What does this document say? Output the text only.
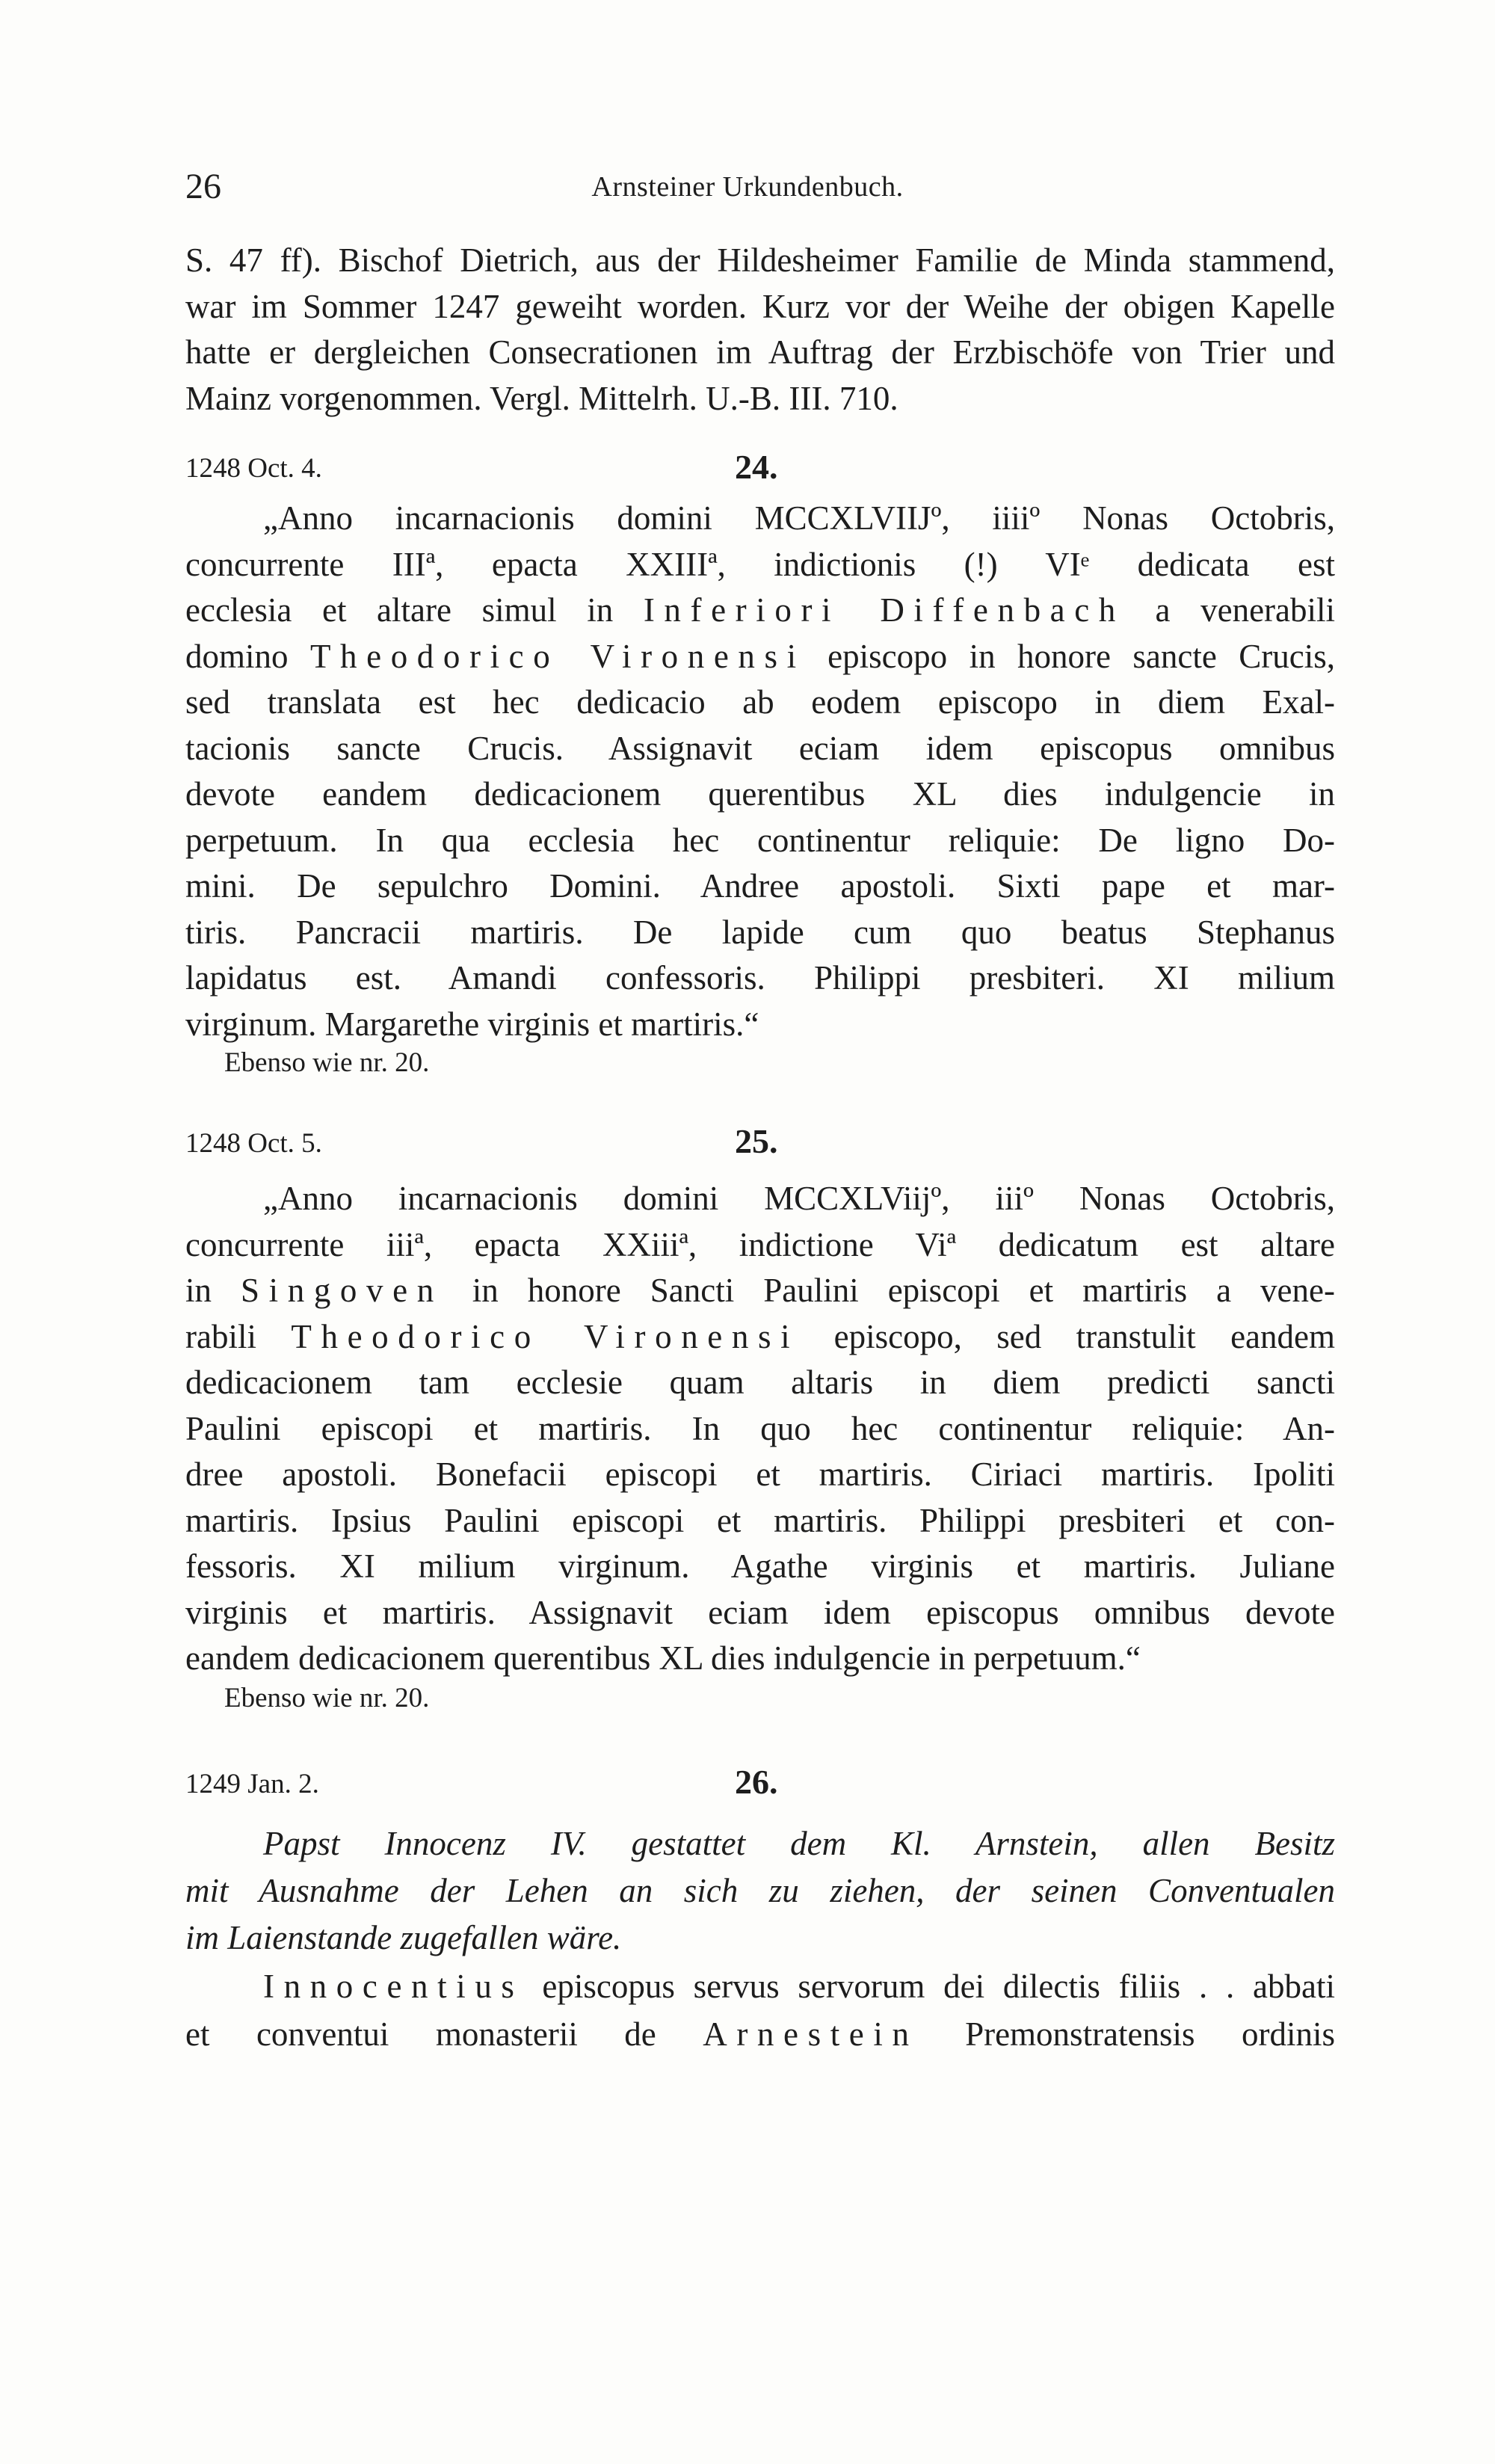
26	Arnsteiner Urkundenbuch.
S. 47 ff). Bischof Dietrich, aus der Hildesheimer Familie de Minda stammend,
war im Sommer 1247 geweiht worden. Kurz vor der Weihe der obigen Kapelle
hatte er dergleichen Consecrationen im Auftrag der Erzbischöfe von Trier und
Mainz vorgenommen. Vergl. Mittelrh. U.-B. III. 710.
1248 Oct. 4.	24.
„Anno incarnacionis domini MCCXLVIIJº, iiiiº Nonas Octobris,
concurrente IIIª, epacta XXIIIª, indictionis (!) VIᵉ dedicata est
ecclesia et altare simul in Inferiori Diffenbach a venerabili
domino Theodorico Vironensi episcopo in honore sancte Crucis,
sed translata est hec dedicacio ab eodem episcopo in diem Exal-
tacionis sancte Crucis. Assignavit eciam idem episcopus omnibus
devote eandem dedicacionem querentibus XL dies indulgencie in
perpetuum. In qua ecclesia hec continentur reliquie: De ligno Do-
mini. De sepulchro Domini. Andree apostoli. Sixti pape et mar-
tiris. Pancracii martiris. De lapide cum quo beatus Stephanus
lapidatus est. Amandi confessoris. Philippi presbiteri. XI milium
virginum. Margarethe virginis et martiris.“
Ebenso wie nr. 20.
1248 Oct. 5.	25.
„Anno incarnacionis domini MCCXLViijº, iiiº Nonas Octobris,
concurrente iiiª, epacta XXiiiª, indictione Viª dedicatum est altare
in Singoven in honore Sancti Paulini episcopi et martiris a vene-
rabili Theodorico Vironensi episcopo, sed transtulit eandem
dedicacionem tam ecclesie quam altaris in diem predicti sancti
Paulini episcopi et martiris. In quo hec continentur reliquie: An-
dree apostoli. Bonefacii episcopi et martiris. Ciriaci martiris. Ipoliti
martiris. Ipsius Paulini episcopi et martiris. Philippi presbiteri et con-
fessoris. XI milium virginum. Agathe virginis et martiris. Juliane
virginis et martiris. Assignavit eciam idem episcopus omnibus devote
eandem dedicacionem querentibus XL dies indulgencie in perpetuum.“
Ebenso wie nr. 20.
1249 Jan. 2.	26.
Papst Innocenz IV. gestattet dem Kl. Arnstein, allen Besitz
mit Ausnahme der Lehen an sich zu ziehen, der seinen Conventualen
im Laienstande zugefallen wäre.
Innocentius episcopus servus servorum dei dilectis filiis . . abbati
et conventui monasterii de Arnestein Premonstratensis ordinis
